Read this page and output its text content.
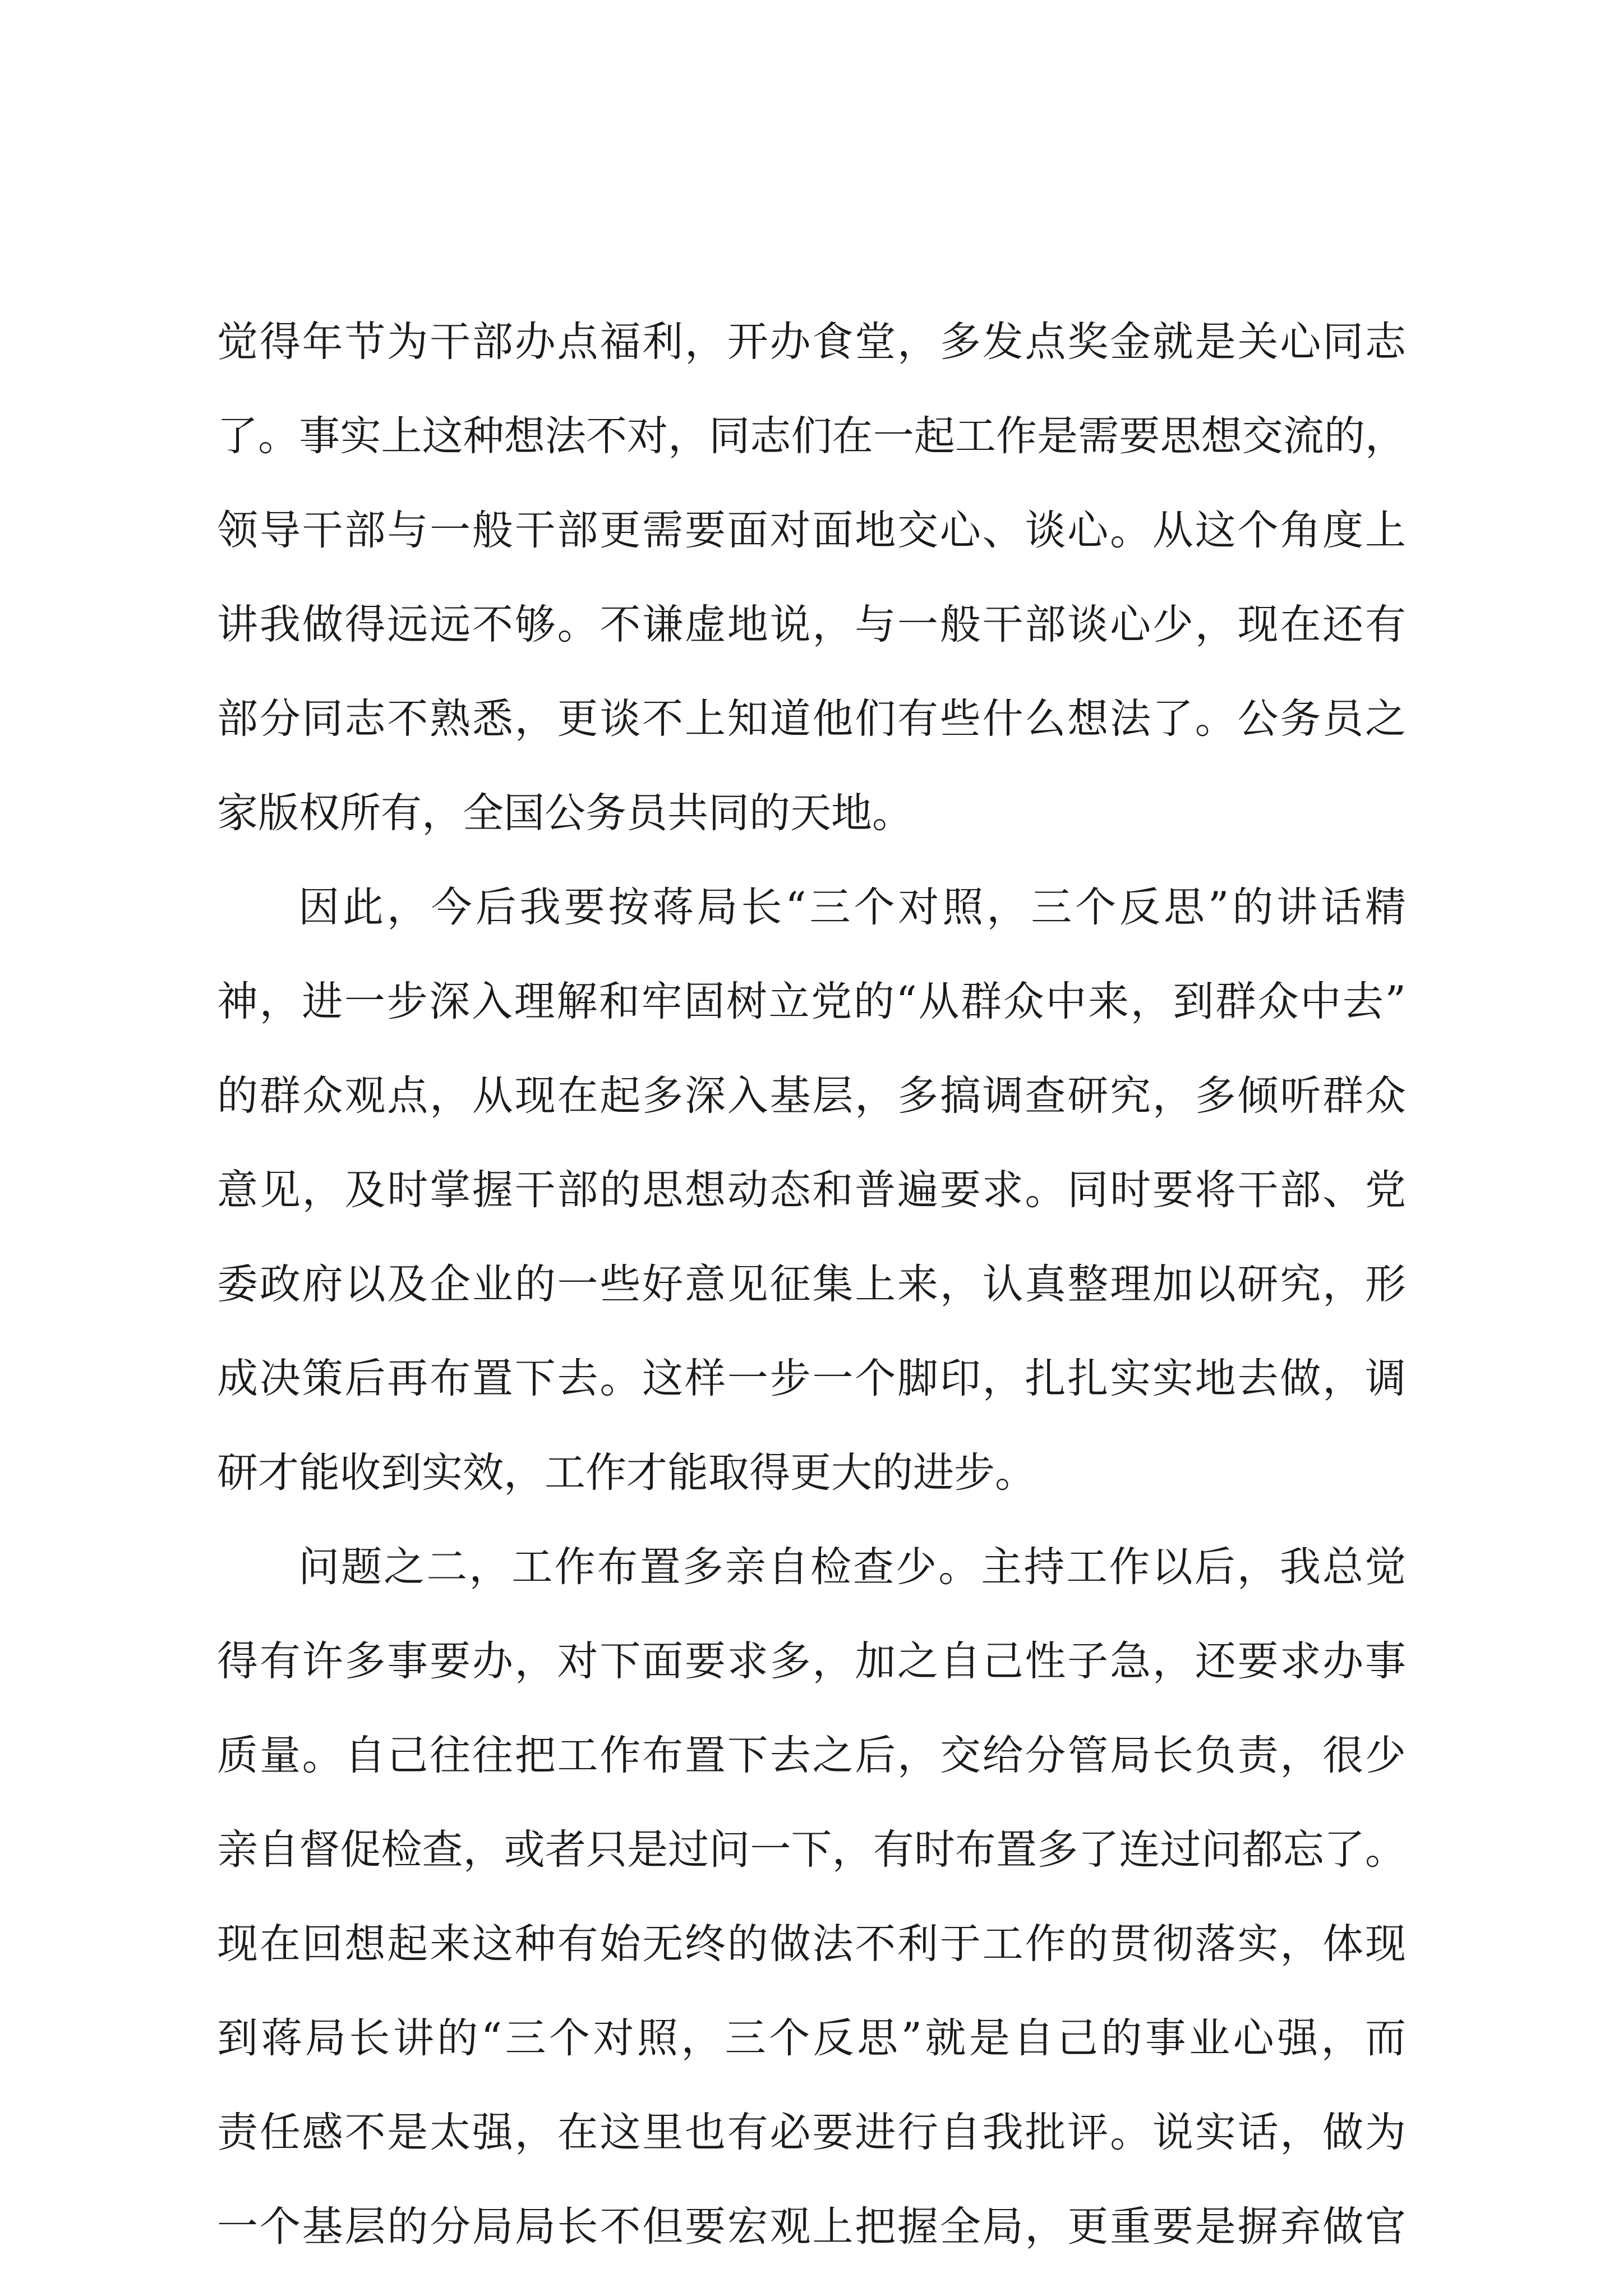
觉得年节为干部办点福利，开办食堂，多发点奖金就是关心同志
了。事实上这种想法不对，同志们在一起工作是需要思想交流的，
领导干部与一般干部更需要面对面地交心、谈心。从这个角度上
讲我做得远远不够。不谦虚地说，与一般干部谈心少，现在还有
部分同志不熟悉，更谈不上知道他们有些什么想法了。公务员之
家版权所有，全国公务员共同的天地。
因此，今后我要按蒋局长“三个对照，三个反思”的讲话精
神，进一步深入理解和牢固树立党的“从群众中来，到群众中去”
的群众观点，从现在起多深入基层，多搞调查研究，多倾听群众
意见，及时掌握干部的思想动态和普遍要求。同时要将干部、党
委政府以及企业的一些好意见征集上来，认真整理加以研究，形
成决策后再布置下去。这样一步一个脚印，扎扎实实地去做，调
研才能收到实效，工作才能取得更大的进步。
问题之二，工作布置多亲自检查少。主持工作以后，我总觉
得有许多事要办，对下面要求多，加之自己性子急，还要求办事
质量。自己往往把工作布置下去之后，交给分管局长负责，很少
亲自督促检查，或者只是过问一下，有时布置多了连过问都忘了。
现在回想起来这种有始无终的做法不利于工作的贯彻落实，体现
到蒋局长讲的“三个对照，三个反思”就是自己的事业心强，而
责任感不是太强，在这里也有必要进行自我批评。说实话，做为
一个基层的分局局长不但要宏观上把握全局，更重要是摒弃做官
